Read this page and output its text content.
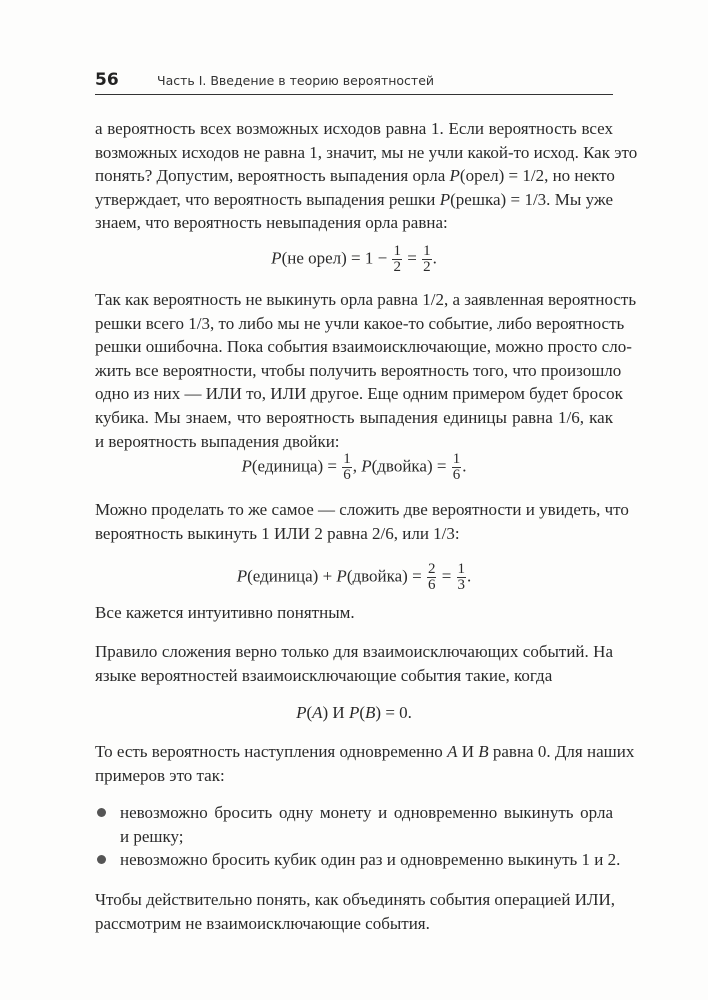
56	Часть I. Введение в теорию вероятностей
а вероятность всех возможных исходов равна 1. Если вероятность всех
возможных исходов не равна 1, значит, мы не учли какой-то исход. Как это
понять? Допустим, вероятность выпадения орла P(орел) = 1/2, но некто
утверждает, что вероятность выпадения решки P(решка) = 1/3. Мы уже
знаем, что вероятность невыпадения орла равна:
P(не орел) = $1 - \frac{1}{2} = \frac{1}{2}$ .
Так как вероятность не выкинуть орла равна 1/2, а заявленная вероятность
решки всего 1/3, то либо мы не учли какое-то событие, либо вероятность
решки ошибочна. Пока события взаимоисключающие, можно просто сло-
жить все вероятности, чтобы получить вероятность того, что произошло
одно из них — ИЛИ то, ИЛИ другое. Еще одним примером будет бросок
кубика. Мы знаем, что вероятность выпадения единицы равна 1/6, как
и вероятность выпадения двойки:
P(единица) = $\frac{1}{6}$ , P(двойка) = $\frac{1}{6}$ .
Можно проделать то же самое — сложить две вероятности и увидеть, что
вероятность выкинуть 1 ИЛИ 2 равна 2/6, или 1/3:
P(единица) + P(двойка) = $\frac{2}{6} = \frac{1}{3}$ .
Все кажется интуитивно понятным.
Правило сложения верно только для взаимоисключающих событий. На
языке вероятностей взаимоисключающие события такие, когда
P(A) И P(B) = 0.
То есть вероятность наступления одновременно A И B равна 0. Для наших
примеров это так:
невозможно бросить одну монету и одновременно выкинуть орла
и решку;
невозможно бросить кубик один раз и одновременно выкинуть 1 и 2.
Чтобы действительно понять, как объединять события операцией ИЛИ,
рассмотрим не взаимоисключающие события.
